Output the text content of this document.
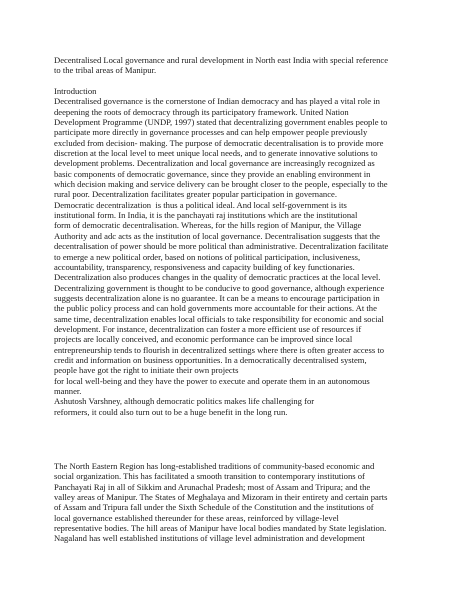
Decentralised Local governance and rural development in North east India with special reference
to the tribal areas of Manipur.
Introduction
Decentralised governance is the cornerstone of Indian democracy and has played a vital role in
deepening the roots of democracy through its participatory framework. United Nation
Development Programme (UNDP, 1997) stated that decentralizing government enables people to
participate more directly in governance processes and can help empower people previously
excluded from decision- making. The purpose of democratic decentralisation is to provide more
discretion at the local level to meet unique local needs, and to generate innovative solutions to
development problems. Decentralization and local governance are increasingly recognized as
basic components of democratic governance, since they provide an enabling environment in
which decision making and service delivery can be brought closer to the people, especially to the
rural poor. Decentralization facilitates greater popular participation in governance.
Democratic decentralization  is thus a political ideal. And local self-government is its
institutional form. In India, it is the panchayati raj institutions which are the institutional
form of democratic decentralisation. Whereas, for the hills region of Manipur, the Village
Authority and adc acts as the institution of local governance. Decentralisation suggests that the
decentralisation of power should be more political than administrative. Decentralization facilitate
to emerge a new political order, based on notions of political participation, inclusiveness,
accountability, transparency, responsiveness and capacity building of key functionaries.
Decentralization also produces changes in the quality of democratic practices at the local level.
Decentralizing government is thought to be conducive to good governance, although experience
suggests decentralization alone is no guarantee. It can be a means to encourage participation in
the public policy process and can hold governments more accountable for their actions. At the
same time, decentralization enables local officials to take responsibility for economic and social
development. For instance, decentralization can foster a more efficient use of resources if
projects are locally conceived, and economic performance can be improved since local
entrepreneurship tends to flourish in decentralized settings where there is often greater access to
credit and information on business opportunities. In a democratically decentralised system,
people have got the right to initiate their own projects
for local well-being and they have the power to execute and operate them in an autonomous
manner.
Ashutosh Varshney, although democratic politics makes life challenging for
reformers, it could also turn out to be a huge benefit in the long run.
The North Eastern Region has long-established traditions of community-based economic and
social organization. This has facilitated a smooth transition to contemporary institutions of
Panchayati Raj in all of Sikkim and Arunachal Pradesh; most of Assam and Tripura; and the
valley areas of Manipur. The States of Meghalaya and Mizoram in their entirety and certain parts
of Assam and Tripura fall under the Sixth Schedule of the Constitution and the institutions of
local governance established thereunder for these areas, reinforced by village-level
representative bodies. The hill areas of Manipur have local bodies mandated by State legislation.
Nagaland has well established institutions of village level administration and development
